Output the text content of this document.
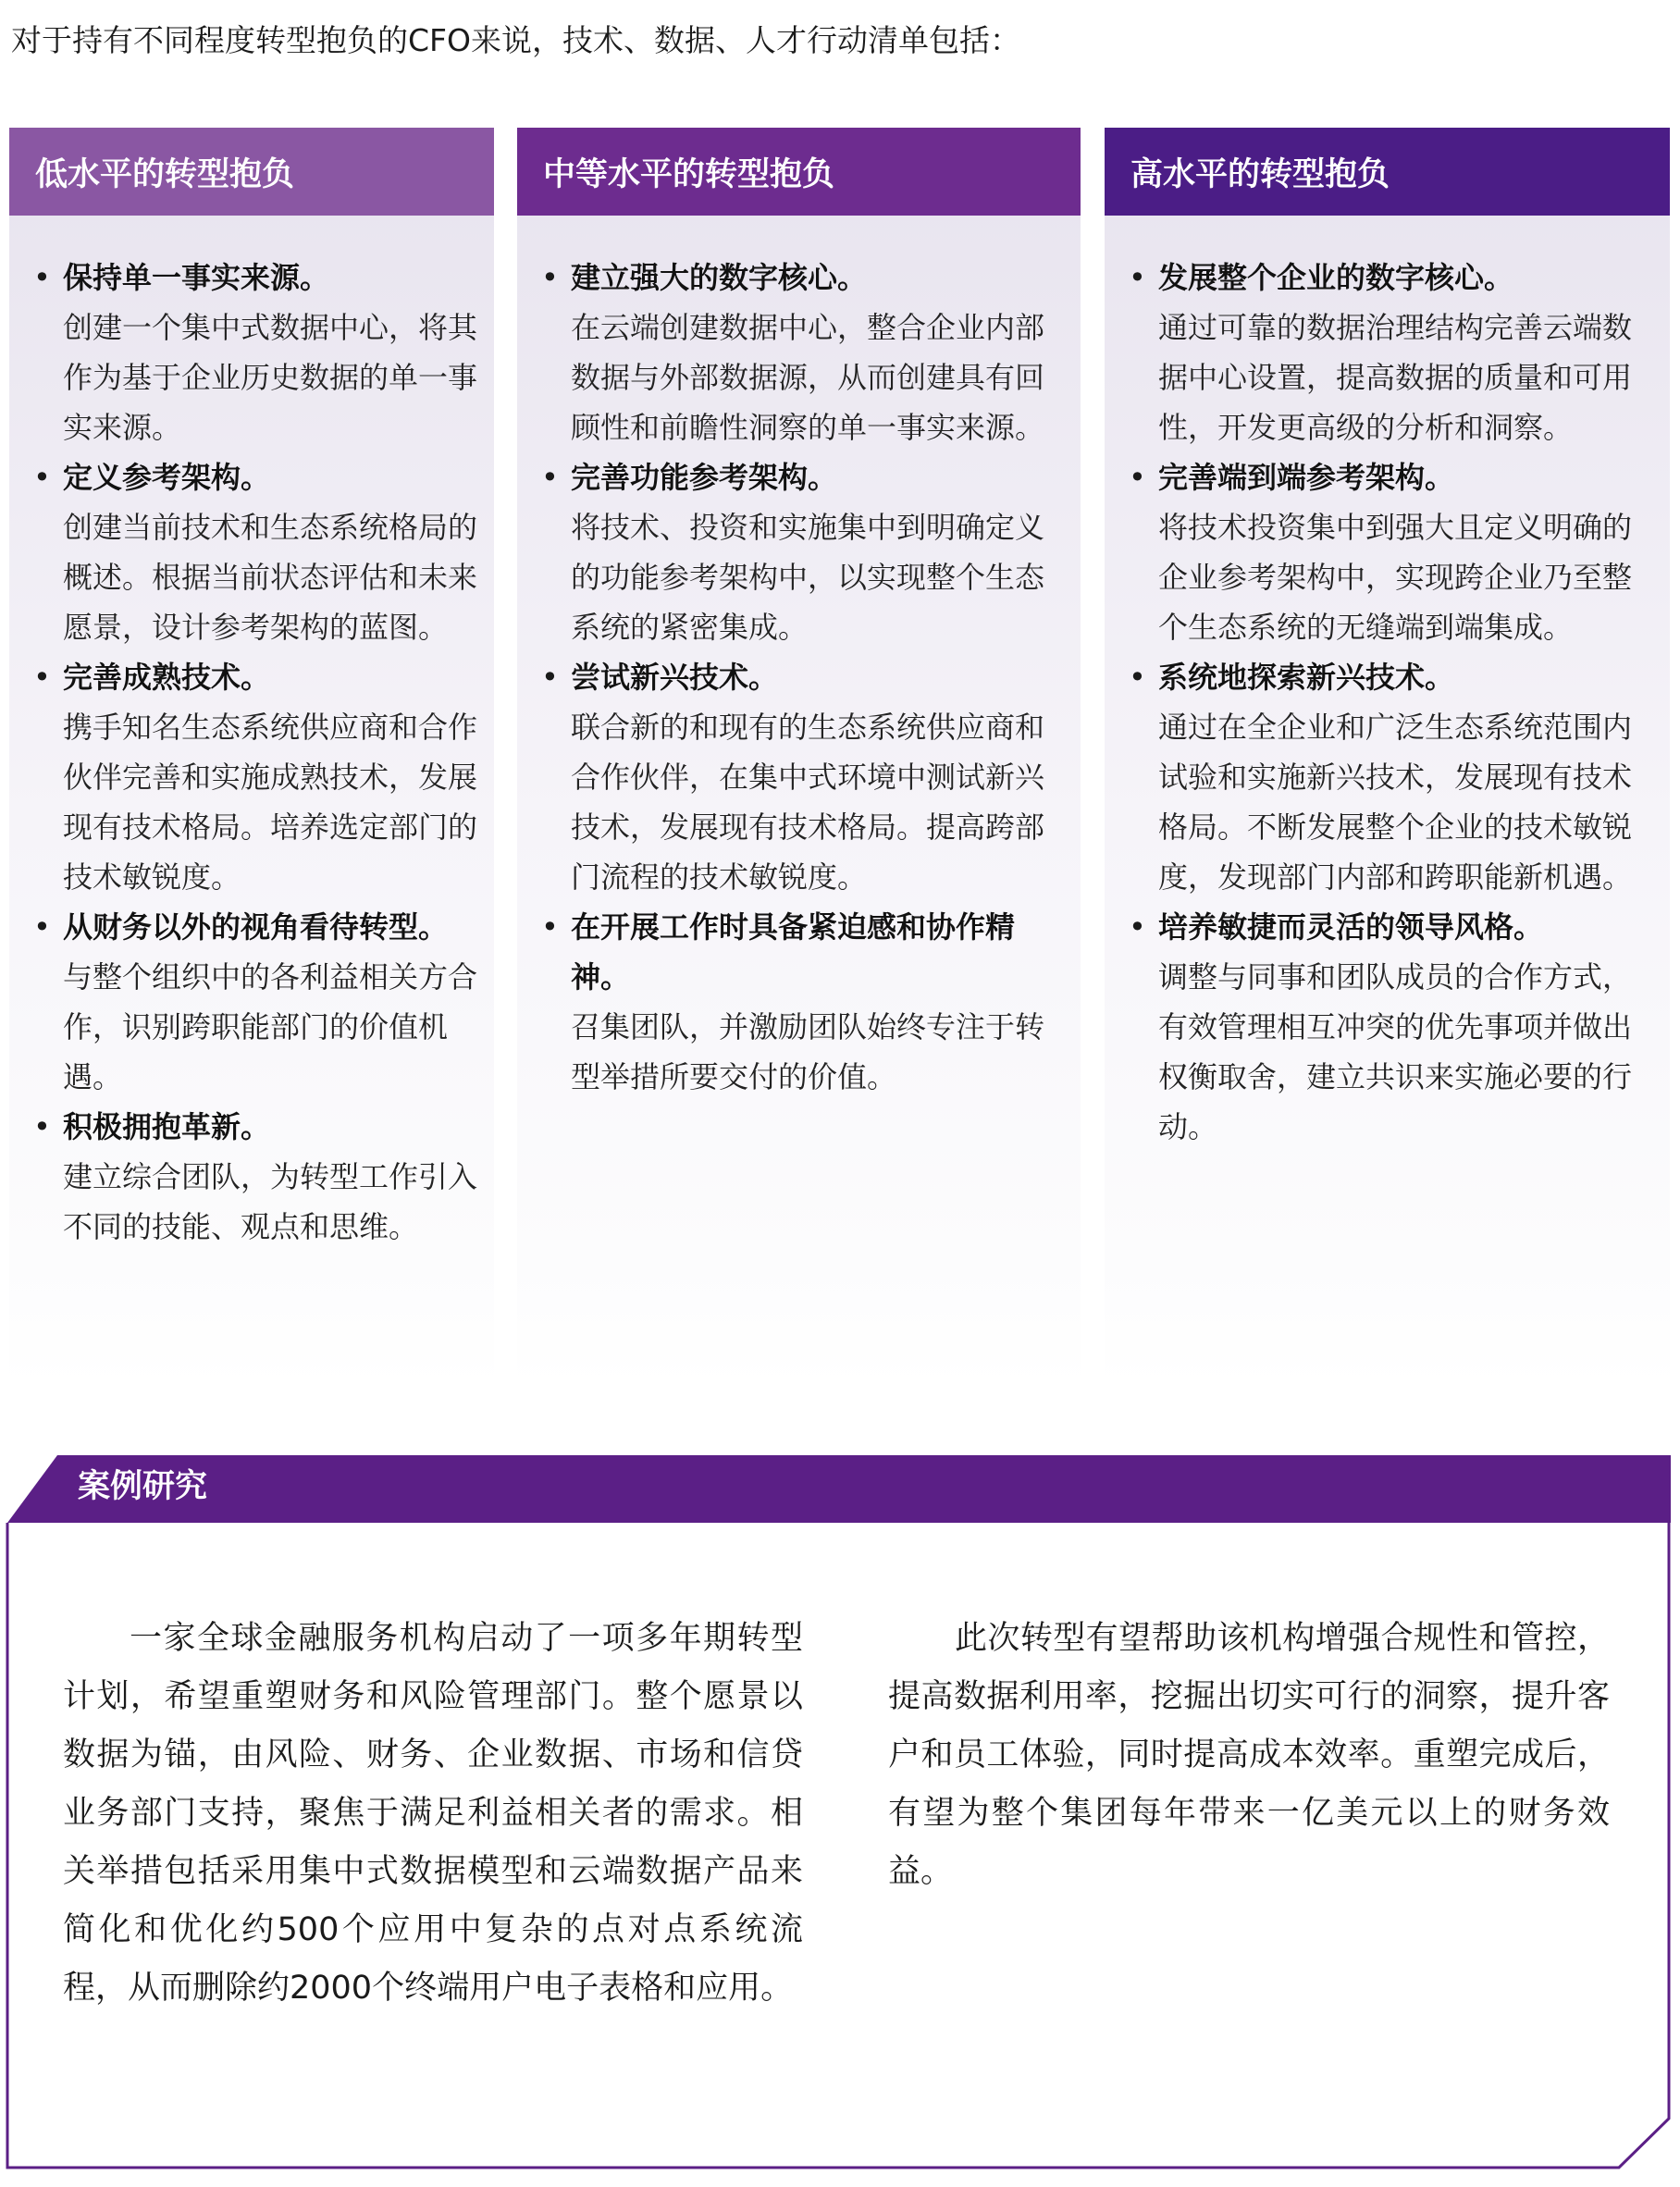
对于持有不同程度转型抱负的CFO来说，技术、数据、人才行动清单包括：
低水平的转型抱负
• 保持单一事实来源。
创建一个集中式数据中心，将其作为基于企业历史数据的单一事实来源。
• 定义参考架构。
创建当前技术和生态系统格局的概述。根据当前状态评估和未来愿景，设计参考架构的蓝图。
• 完善成熟技术。
携手知名生态系统供应商和合作伙伴完善和实施成熟技术，发展现有技术格局。培养选定部门的技术敏锐度。
• 从财务以外的视角看待转型。
与整个组织中的各利益相关方合作，识别跨职能部门的价值机遇。
• 积极拥抱革新。
建立综合团队，为转型工作引入不同的技能、观点和思维。
中等水平的转型抱负
• 建立强大的数字核心。
在云端创建数据中心，整合企业内部数据与外部数据源，从而创建具有回顾性和前瞻性洞察的单一事实来源。
• 完善功能参考架构。
将技术、投资和实施集中到明确定义的功能参考架构中，以实现整个生态系统的紧密集成。
• 尝试新兴技术。
联合新的和现有的生态系统供应商和合作伙伴，在集中式环境中测试新兴技术，发展现有技术格局。提高跨部门流程的技术敏锐度。
• 在开展工作时具备紧迫感和协作精神。
召集团队，并激励团队始终专注于转型举措所要交付的价值。
高水平的转型抱负
• 发展整个企业的数字核心。
通过可靠的数据治理结构完善云端数据中心设置，提高数据的质量和可用性，开发更高级的分析和洞察。
• 完善端到端参考架构。
将技术投资集中到强大且定义明确的企业参考架构中，实现跨企业乃至整个生态系统的无缝端到端集成。
• 系统地探索新兴技术。
通过在全企业和广泛生态系统范围内试验和实施新兴技术，发展现有技术格局。不断发展整个企业的技术敏锐度，发现部门内部和跨职能新机遇。
• 培养敏捷而灵活的领导风格。
调整与同事和团队成员的合作方式，有效管理相互冲突的优先事项并做出权衡取舍，建立共识来实施必要的行动。
案例研究

一家全球金融服务机构启动了一项多年期转型计划，希望重塑财务和风险管理部门。整个愿景以数据为锚，由风险、财务、企业数据、市场和信贷业务部门支持，聚焦于满足利益相关者的需求。相关举措包括采用集中式数据模型和云端数据产品来简化和优化约500个应用中复杂的点对点系统流程，从而删除约2000个终端用户电子表格和应用。

此次转型有望帮助该机构增强合规性和管控，提高数据利用率，挖掘出切实可行的洞察，提升客户和员工体验，同时提高成本效率。重塑完成后，有望为整个集团每年带来一亿美元以上的财务效益。
